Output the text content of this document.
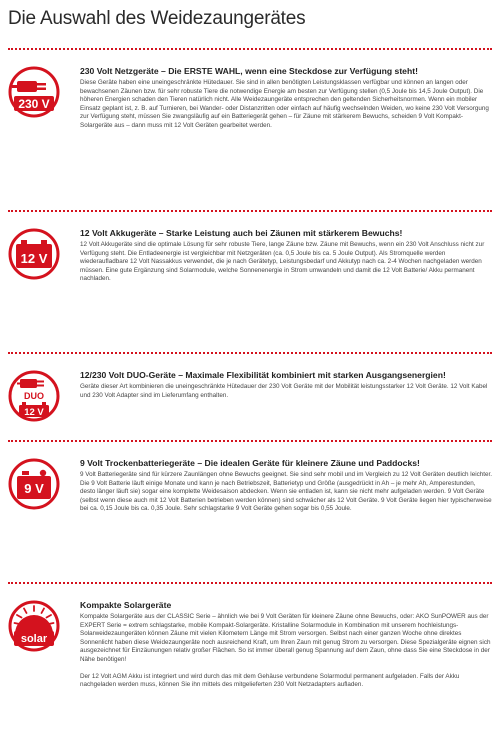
Die Auswahl des Weidezaungerätes
230 V
230 Volt Netzgeräte – Die ERSTE WAHL, wenn eine Steckdose zur Verfügung steht!

Diese Geräte haben eine uneingeschränkte Hütedauer. Sie sind in allen benötigten Leistungsklassen verfügbar und können an langen oder bewachsenen Zäunen bzw. für sehr robuste Tiere die notwendige Energie am besten zur Verfügung stellen (0,5 Joule bis 14,5 Joule Output). Die höheren Energien schaden den Tieren natürlich nicht. Alle Weidezaungeräte entsprechen den geltenden Sicherheitsnormen. Wenn ein mobiler Einsatz geplant ist, z. B. auf Turnieren, bei Wander- oder Distanzritten oder einfach auf häufig wechselnden Weiden, wo keine 230 Volt Versorgung zur Verfügung steht, müssen Sie zwangsläufig auf ein Batteriegerät gehen – für Zäune mit stärkerem Bewuchs, scheiden 9 Volt Kompakt-Solargeräte aus – dann muss mit 12 Volt Geräten gearbeitet werden.

12 V
12 Volt Akkugeräte – Starke Leistung auch bei Zäunen mit stärkerem Bewuchs!

12 Volt Akkugeräte sind die optimale Lösung für sehr robuste Tiere, lange Zäune bzw. Zäune mit Bewuchs, wenn ein 230 Volt Anschluss nicht zur Verfügung steht. Die Entladeenergie ist vergleichbar mit Netzgeräten (ca. 0,5 Joule bis ca. 5 Joule Output). Als Stromquelle werden wiederaufladbare 12 Volt Nassakkus verwendet, die je nach Gerätetyp, Leistungsbedarf und Akkutyp nach ca. 2-4 Wochen nachgeladen werden müssen. Eine gute Ergänzung sind Solarmodule, welche Sonnenenergie in Strom umwandeln und damit die 12 Volt Batterie/ Akku permanent nachladen.

DUO
12 V
12/230 Volt DUO-Geräte – Maximale Flexibilität kombiniert mit starken Ausgangsenergien!

Geräte dieser Art kombinieren die uneingeschränkte Hütedauer der 230 Volt Geräte mit der Mobilität leistungsstarker 12 Volt Geräte. 12 Volt Kabel und 230 Volt Adapter sind im Lieferumfang enthalten.

9 V
9 Volt Trockenbatteriegeräte – Die idealen Geräte für kleinere Zäune und Paddocks!

9 Volt Batteriegeräte sind für kürzere Zaunlängen ohne Bewuchs geeignet. Sie sind sehr mobil und im Vergleich zu 12 Volt Geräten deutlich leichter. Die 9 Volt Batterie läuft einige Monate und kann je nach Betriebszeit, Batterietyp und Größe (ausgedrückt in Ah – je mehr Ah, Amperestunden, desto länger läuft sie) sogar eine komplette Weidesaison abdecken. Wenn sie entladen ist, kann sie nicht mehr aufgeladen werden. 9 Volt Geräte (selbst wenn diese auch mit 12 Volt Batterien betrieben werden können) sind schwächer als 12 Volt Geräte. 9 Volt Geräte liegen hier typischerweise bei ca. 0,15 Joule bis ca. 0,35 Joule. Sehr schlagstarke 9 Volt Geräte gehen sogar bis 0,55 Joule.

solar
Kompakte Solargeräte

Kompakte Solargeräte aus der CLASSIC Serie – ähnlich wie bei 9 Volt Geräten für kleinere Zäune ohne Bewuchs, oder: AKO SunPOWER aus der EXPERT Serie = extrem schlagstarke, mobile Kompakt-Solargeräte. Kristalline Solarmodule in Kombination mit unserem hochleistungs-Solarweidezaungeräten können Zäune mit vielen Kilometern Länge mit Strom versorgen. Selbst nach einer ganzen Woche ohne direktes Sonnenlicht haben diese Weidezaungeräte noch ausreichend Kraft, um Ihren Zaun mit genug Strom zu versorgen. Diese Spezialgeräte eignen sich ausgezeichnet für Einzäunungen relativ großer Flächen. So ist immer überall genug Spannung auf dem Zaun, ohne dass Sie eine Steckdose in der Nähe benötigen!

Der 12 Volt AGM Akku ist integriert und wird durch das mit dem Gehäuse verbundene Solarmodul permanent aufgeladen. Falls der Akku nachgeladen werden muss, können Sie ihn mittels des mitgelieferten 230 Volt Netzadapters aufladen.
